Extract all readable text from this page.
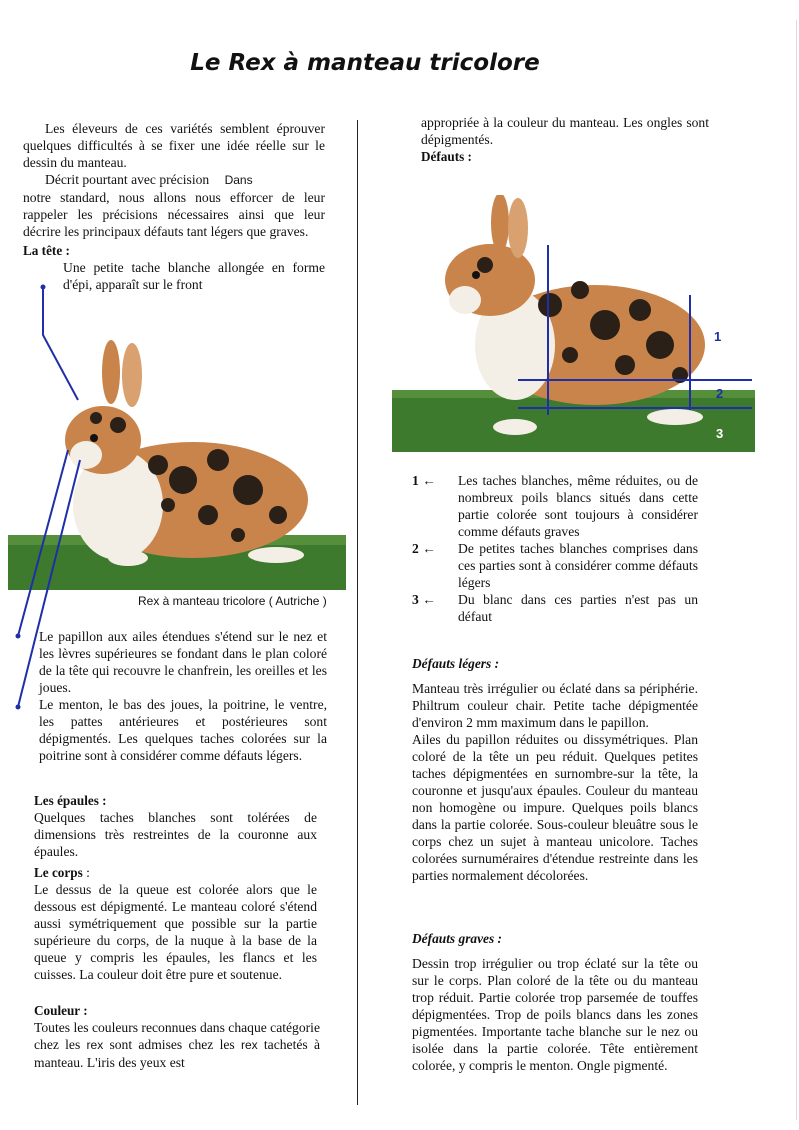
Le Rex à manteau tricolore

Les éleveurs de ces variétés semblent éprouver quelques difficultés à se fixer une idée réelle sur le dessin du manteau.

Décrit pourtant avec précision Dans

notre standard, nous allons nous efforcer de leur rappeler les précisions nécessaires ainsi que leur décrire les principaux défauts tant légers que graves.

La tête :

Une petite tache blanche allongée en forme d'épi, apparaît sur le front

Rex à manteau tricolore ( Autriche )

Le papillon aux ailes étendues s'étend sur le nez et les lèvres supérieures se fondant dans le plan coloré de la tête qui recouvre le chanfrein, les oreilles et les joues.

Le menton, le bas des joues, la poitrine, le ventre, les pattes antérieures et postérieures sont dépigmentés. Les quelques taches colorées sur la poitrine sont à considérer comme défauts légers.

Les épaules :

Quelques taches blanches sont tolérées de dimensions très restreintes de la couronne aux épaules.

Le corps :

Le dessus de la queue est colorée alors que le dessous est dépigmenté. Le manteau coloré s'étend aussi symétriquement que possible sur la partie supérieure du corps, de la nuque à la base de la queue y compris les épaules, les flancs et les cuisses. La couleur doit être pure et soutenue.

Couleur :

Toutes les couleurs reconnues dans chaque catégorie chez les rex sont admises chez les rex tachetés à manteau. L'iris des yeux est

appropriée à la couleur du manteau. Les ongles sont dépigmentés.

Défauts :

1
2
3
1 ←	Les taches blanches, même réduites, ou de nombreux poils blancs situés dans cette partie colorée sont toujours à considérer comme défauts graves
2 ←	De petites taches blanches comprises dans ces parties sont à considérer comme défauts légers
3 ←	Du blanc dans ces parties n'est pas un défaut

Défauts légers :

Manteau très irrégulier ou éclaté dans sa périphérie. Philtrum couleur chair. Petite tache dépigmentée d'environ 2 mm maximum dans le papillon.

Ailes du papillon réduites ou dissymétriques. Plan coloré de la tête un peu réduit. Quelques petites taches dépigmentées en surnombre-sur la tête, la couronne et jusqu'aux épaules. Couleur du manteau non homogène ou impure. Quelques poils blancs dans la partie colorée. Sous-couleur bleuâtre sous le corps chez un sujet à manteau unicolore. Taches colorées surnuméraires d'étendue restreinte dans les parties normalement décolorées.

Défauts graves :

Dessin trop irrégulier ou trop éclaté sur la tête ou sur le corps. Plan coloré de la tête ou du manteau trop réduit. Partie colorée trop parsemée de touffes dépigmentées. Trop de poils blancs dans les zones pigmentées. Importante tache blanche sur le nez ou isolée dans la partie colorée. Tête entièrement colorée, y compris le menton. Ongle pigmenté.
